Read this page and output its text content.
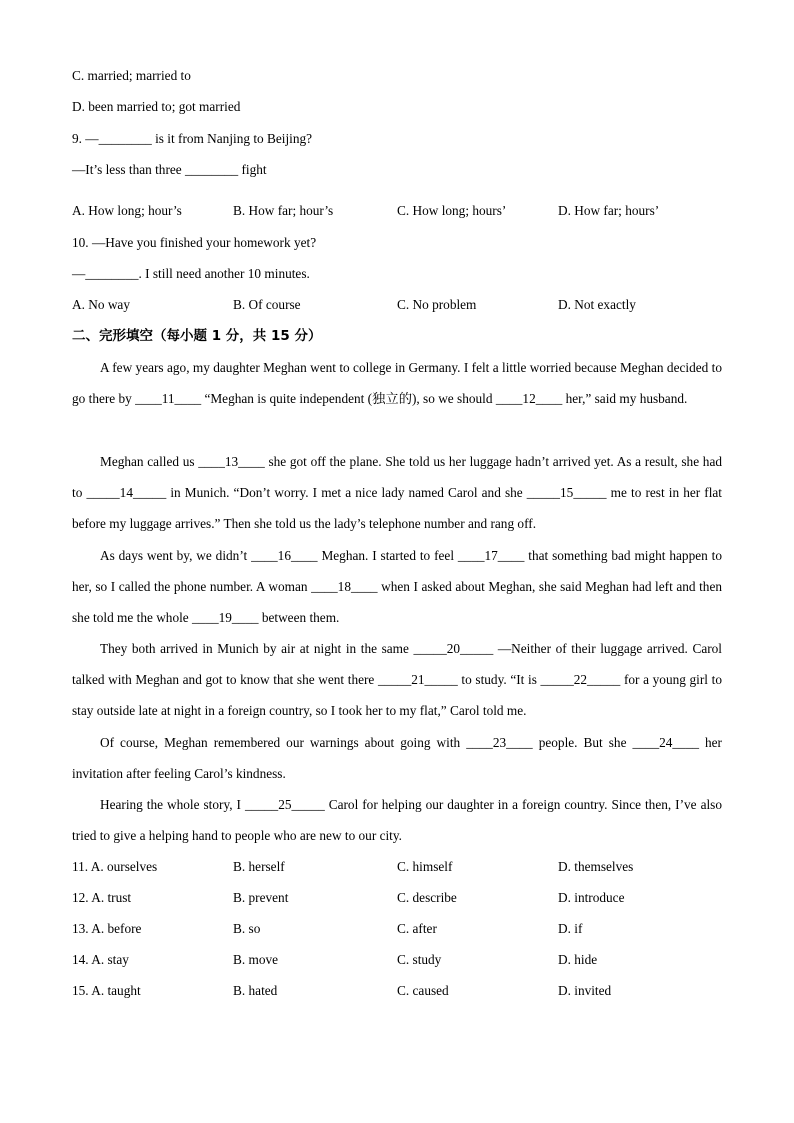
C. married; married to
D. been married to; got married
9. —________ is it from Nanjing to Beijing?
—It’s less than three ________ fight
A. How long; hour’s	B. How far; hour’s	C. How long; hours’	D. How far; hours’
10. —Have you finished your homework yet?
—________. I still need another 10 minutes.
A. No way	B. Of course	C. No problem	D. Not exactly
二、完形填空（每小题 1 分，共 15 分）
A few years ago, my daughter Meghan went to college in Germany. I felt a little worried because Meghan decided to go there by ____11____ “Meghan is quite independent (独立的), so we should ____12____ her,” said my husband.
Meghan called us ____13____ she got off the plane. She told us her luggage hadn’t arrived yet. As a result, she had to _____14_____ in Munich. “Don’t worry. I met a nice lady named Carol and she _____15_____ me to rest in her flat before my luggage arrives.” Then she told us the lady’s telephone number and rang off.
As days went by, we didn’t ____16____ Meghan. I started to feel ____17____ that something bad might happen to her, so I called the phone number. A woman ____18____ when I asked about Meghan, she said Meghan had left and then she told me the whole ____19____ between them.
They both arrived in Munich by air at night in the same _____20_____ —Neither of their luggage arrived. Carol talked with Meghan and got to know that she went there _____21_____ to study. “It is _____22_____ for a young girl to stay outside late at night in a foreign country, so I took her to my flat,” Carol told me.
Of course, Meghan remembered our warnings about going with ____23____ people. But she ____24____ her invitation after feeling Carol’s kindness.
Hearing the whole story, I _____25_____ Carol for helping our daughter in a foreign country. Since then, I’ve also tried to give a helping hand to people who are new to our city.
11. A. ourselves	B. herself	C. himself	D. themselves
12. A. trust	B. prevent	C. describe	D. introduce
13. A. before	B. so	C. after	D. if
14. A. stay	B. move	C. study	D. hide
15. A. taught	B. hated	C. caused	D. invited
